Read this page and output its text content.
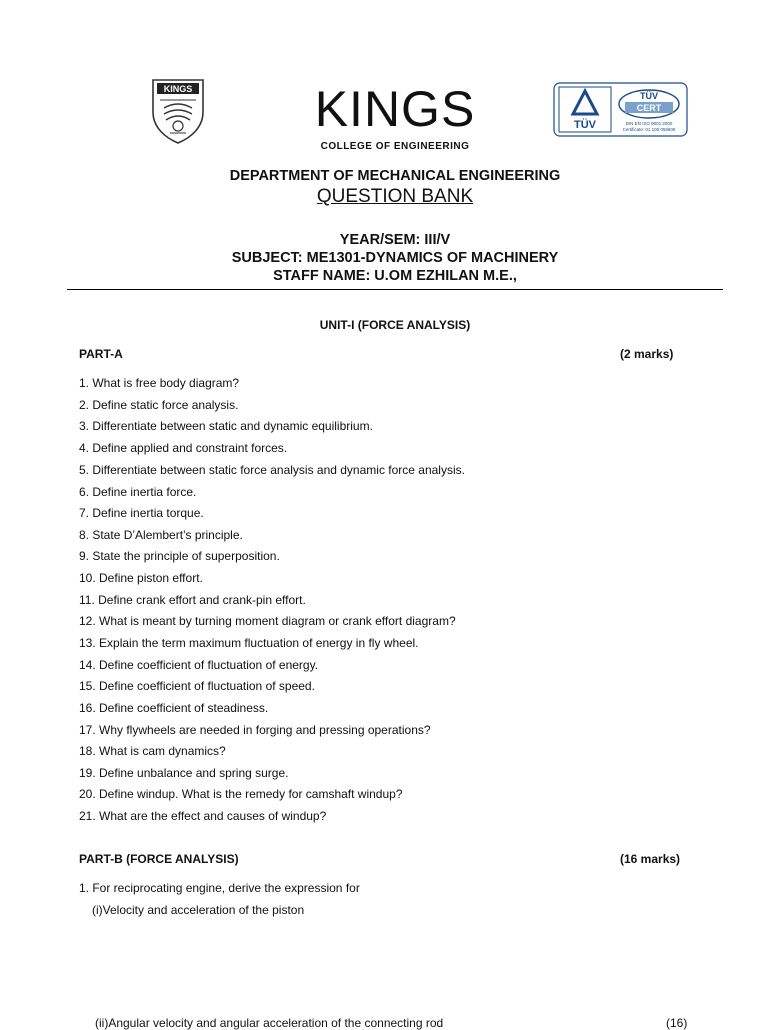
KINGS	KINGS
COLLEGE OF ENGINEERING
TÜV
TÜV
CERT
DIN EN ISO 9001:2000
Certificate: 01 100 058606
DEPARTMENT OF MECHANICAL ENGINEERING
QUESTION BANK
YEAR/SEM: III/V
SUBJECT: ME1301-DYNAMICS OF MACHINERY
STAFF NAME: U.OM EZHILAN M.E.,
UNIT-I (FORCE ANALYSIS)
PART-A	(2 marks)
1. What is free body diagram?
2. Define static force analysis.
3. Differentiate between static and dynamic equilibrium.
4. Define applied and constraint forces.
5. Differentiate between static force analysis and dynamic force analysis.
6. Define inertia force.
7. Define inertia torque.
8. State D’Alembert’s principle.
9. State the principle of superposition.
10. Define piston effort.
11. Define crank effort and crank-pin effort.
12. What is meant by turning moment diagram or crank effort diagram?
13. Explain the term maximum fluctuation of energy in fly wheel.
14. Define coefficient of fluctuation of energy.
15. Define coefficient of fluctuation of speed.
16. Define coefficient of steadiness.
17. Why flywheels are needed in forging and pressing operations?
18. What is cam dynamics?
19. Define unbalance and spring surge.
20. Define windup. What is the remedy for camshaft windup?
21. What are the effect and causes of windup?
PART-B (FORCE ANALYSIS)	(16 marks)
1. For reciprocating engine, derive the expression for
(i)Velocity and acceleration of the piston
(ii)Angular velocity and angular acceleration of the connecting rod	(16)
